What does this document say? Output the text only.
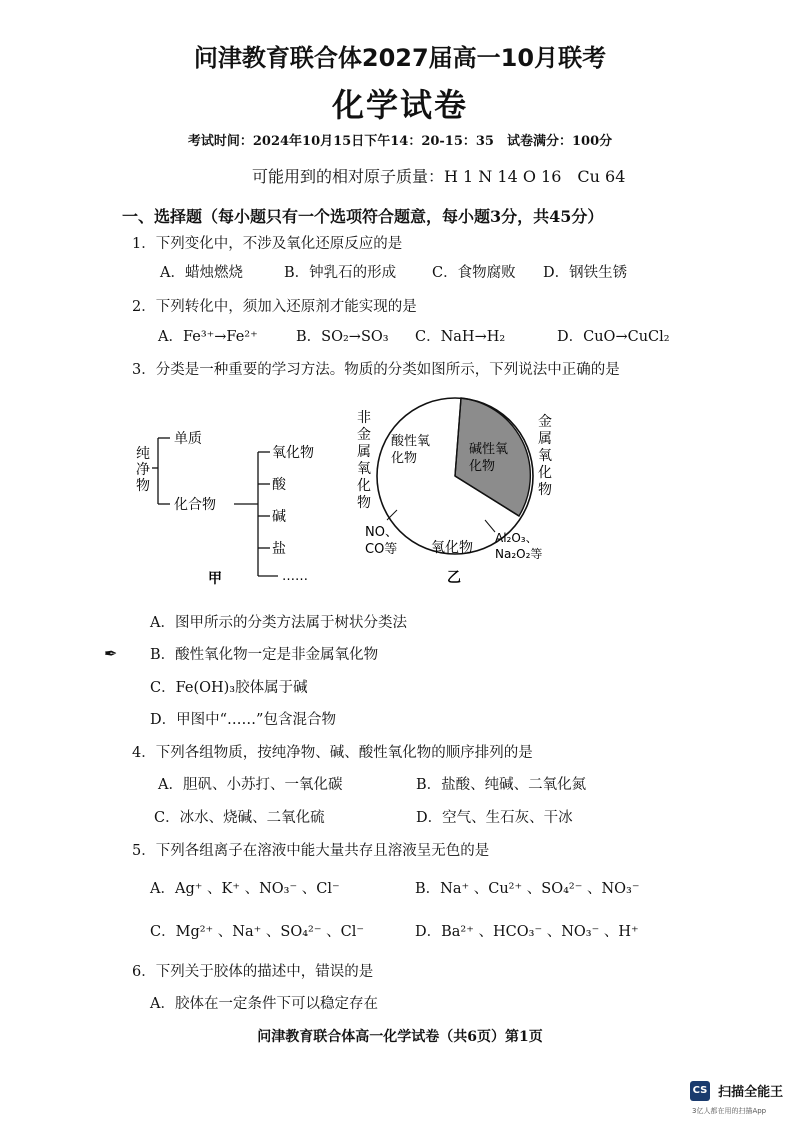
问津教育联合体2027届高一10月联考
化学试卷
考试时间：2024年10月15日下午14：20-15：35　试卷满分：100分
可能用到的相对原子质量：H 1 N 14 O 16　Cu 64
一、选择题（每小题只有一个选项符合题意，每小题3分，共45分）
1．下列变化中，不涉及氧化还原反应的是
A．蜡烛燃烧	B．钟乳石的形成 C．食物腐败 D．钢铁生锈
2．下列转化中，须加入还原剂才能实现的是
A．Fe³⁺→Fe²⁺	B．SO₂→SO₃ C．NaH→H₂	D．CuO→CuCl₂
3．分类是一种重要的学习方法。物质的分类如图所示，下列说法中正确的是
纯
净
物
单质
化合物
氧化物
酸
碱
盐
……
甲
非
金
属
氧
化
物
金
属
氧
化
物
酸性氧
化物
碱性氧
化物
NO、
CO等 氧化物
Al₂O₃、
Na₂O₂等
乙
A．图甲所示的分类方法属于树状分类法
✒ B．酸性氧化物一定是非金属氧化物
C．Fe(OH)₃胶体属于碱
D．甲图中“……”包含混合物
4．下列各组物质，按纯净物、碱、酸性氧化物的顺序排列的是
A．胆矾、小苏打、一氧化碳	B．盐酸、纯碱、二氧化氮
C．冰水、烧碱、二氧化硫	D．空气、生石灰、干冰
5．下列各组离子在溶液中能大量共存且溶液呈无色的是
A．Ag⁺ 、K⁺ 、NO₃⁻ 、Cl⁻	B．Na⁺ 、Cu²⁺ 、SO₄²⁻ 、NO₃⁻
C．Mg²⁺ 、Na⁺ 、SO₄²⁻ 、Cl⁻	D．Ba²⁺ 、HCO₃⁻ 、NO₃⁻ 、H⁺
6．下列关于胶体的描述中，错误的是
A．胶体在一定条件下可以稳定存在
问津教育联合体高一化学试卷（共6页）第1页
CS 扫描全能王
3亿人都在用的扫描App
